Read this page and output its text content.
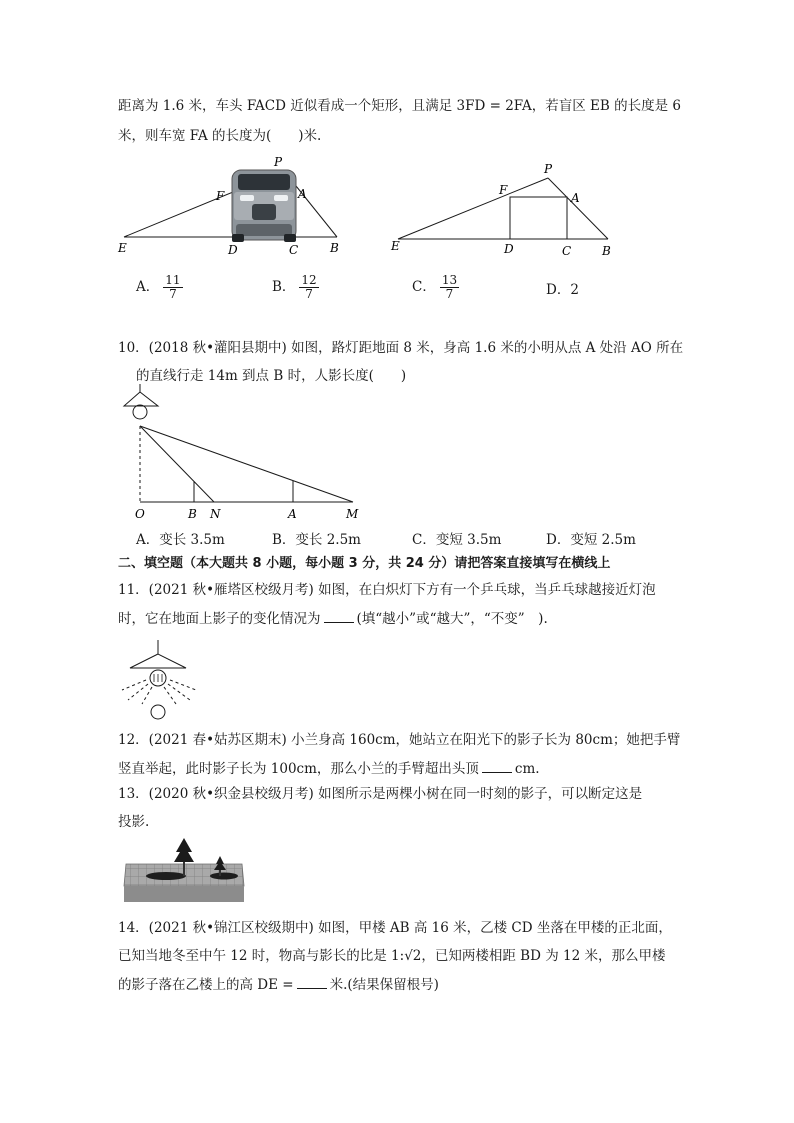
距离为 1.6 米，车头 FACD 近似看成一个矩形，且满足 3FD = 2FA，若盲区 EB 的长度是 6
米，则车宽 FA 的长度为(　　)米.
P
F	A
E	D	C	B
P
F
A
E	D	C	B
A． $\frac{11}{7}$	B． $\frac{12}{7}$	C． $\frac{13}{7}$	D．2
10．(2018 秋•灌阳县期中) 如图，路灯距地面 8 米，身高 1.6 米的小明从点 A 处沿 AO 所在
的直线行走 14m 到点 B 时，人影长度(　　)
O	B N	A	M
A．变长 3.5m	B．变长 2.5m	C．变短 3.5m	D．变短 2.5m
二、填空题（本大题共 8 小题，每小题 3 分，共 24 分）请把答案直接填写在横线上
11．(2021 秋•雁塔区校级月考) 如图，在白炽灯下方有一个乒乓球，当乒乓球越接近灯泡
时，它在地面上影子的变化情况为	(填“越小”或“越大”，“不变”　).
12．(2021 春•姑苏区期末) 小兰身高 160cm，她站立在阳光下的影子长为 80cm；她把手臂
竖直举起，此时影子长为 100cm，那么小兰的手臂超出头顶	cm.
13．(2020 秋•织金县校级月考) 如图所示是两棵小树在同一时刻的影子，可以断定这是
投影.
14．(2021 秋•锦江区校级期中) 如图，甲楼 AB 高 16 米，乙楼 CD 坐落在甲楼的正北面，
已知当地冬至中午 12 时，物高与影长的比是 1:√2，已知两楼相距 BD 为 12 米，那么甲楼
的影子落在乙楼上的高 DE =	米.(结果保留根号)
